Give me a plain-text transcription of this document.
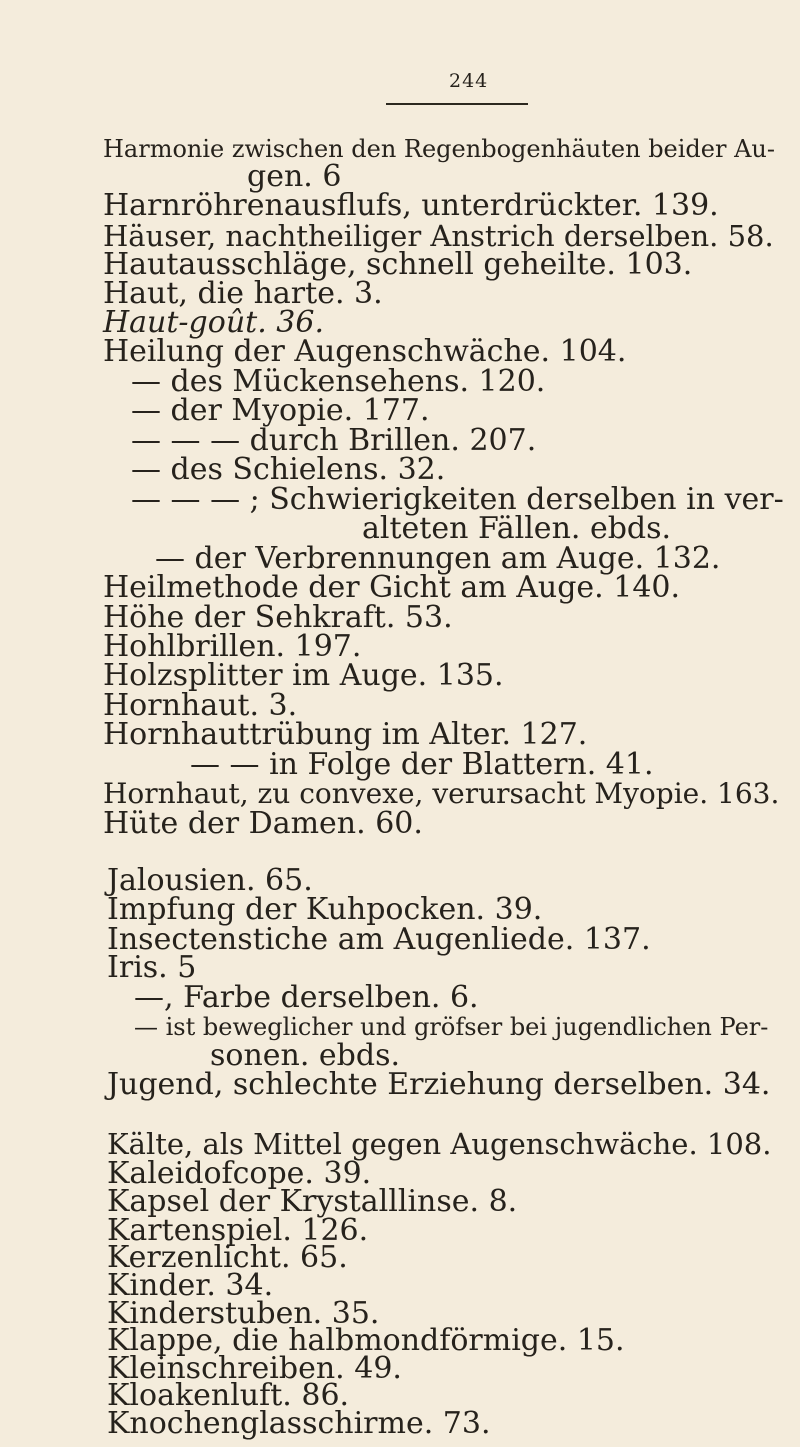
244
Harmonie zwischen den Regenbogenhäuten beider Au-
gen. 6
Harnröhrenausflufs, unterdrückter. 139.
Häuser, nachtheiliger Anstrich derselben. 58.
Hautausschläge, schnell geheilte. 103.
Haut, die harte. 3.
Haut-goût. 36.
Heilung der Augenschwäche. 104.
— des Mückensehens. 120.
— der Myopie. 177.
— — — durch Brillen. 207.
— des Schielens. 32.
— — — ; Schwierigkeiten derselben in ver-
alteten Fällen. ebds.
— der Verbrennungen am Auge. 132.
Heilmethode der Gicht am Auge. 140.
Höhe der Sehkraft. 53.
Hohlbrillen. 197.
Holzsplitter im Auge. 135.
Hornhaut. 3.
Hornhauttrübung im Alter. 127.
— — in Folge der Blattern. 41.
Hornhaut, zu convexe, verursacht Myopie. 163.
Hüte der Damen. 60.
Jalousien. 65.
Impfung der Kuhpocken. 39.
Insectenstiche am Augenliede. 137.
Iris. 5
—, Farbe derselben. 6.
— ist beweglicher und gröfser bei jugendlichen Per-
sonen. ebds.
Jugend, schlechte Erziehung derselben. 34.
Kälte, als Mittel gegen Augenschwäche. 108.
Kaleidofcope. 39.
Kapsel der Krystalllinse. 8.
Kartenspiel. 126.
Kerzenlicht. 65.
Kinder. 34.
Kinderstuben. 35.
Klappe, die halbmondförmige. 15.
Kleinschreiben. 49.
Kloakenluft. 86.
Knochenglasschirme. 73.
